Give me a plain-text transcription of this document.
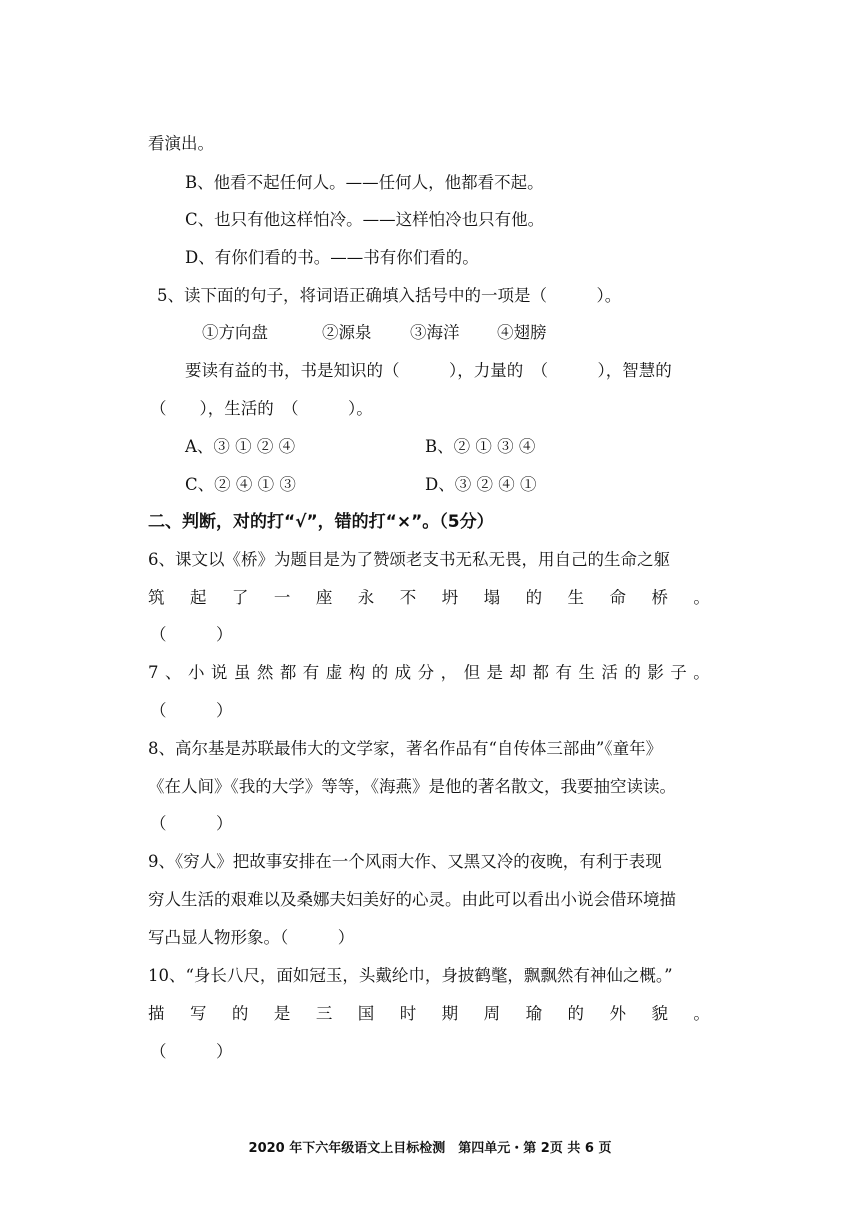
看演出。
B、他看不起任何人。——任何人，他都看不起。
C、也只有他这样怕冷。——这样怕冷也只有他。
D、有你们看的书。——书有你们看的。
5、读下面的句子，将词语正确填入括号中的一项是（　　　）。
①方向盘	②源泉 ③海洋 ④翅膀
要读有益的书，书是知识的（　　　），力量的　（　　　），智慧的
（　　），生活的　（　　　）。
A、③ ① ② ④	B、② ① ③ ④
C、② ④ ① ③	D、③ ② ④ ①
二、判断，对的打“√”，错的打“×”。（5分）
6、课文以《桥》为题目是为了赞颂老支书无私无畏，用自己的生命之躯
筑 起 了 一 座 永 不 坍 塌 的 生 命 桥 。
（　　　）
7 、 小 说 虽 然 都 有 虚 构 的 成 分 ， 但 是 却 都 有 生 活 的 影 子 。
（　　　）
8、高尔基是苏联最伟大的文学家，著名作品有“自传体三部曲”《童年》
《在人间》《我的大学》等等，《海燕》是他的著名散文，我要抽空读读。
（　　　）
9、《穷人》把故事安排在一个风雨大作、又黑又冷的夜晚，有利于表现
穷人生活的艰难以及桑娜夫妇美好的心灵。由此可以看出小说会借环境描
写凸显人物形象。（　　　）
10、“身长八尺，面如冠玉，头戴纶巾，身披鹤氅，飘飘然有神仙之概。”
描 写 的 是 三 国 时 期 周 瑜 的 外 貌 。
（　　　）
2020 年下六年级语文上目标检测　第四单元・第 2页 共 6 页
